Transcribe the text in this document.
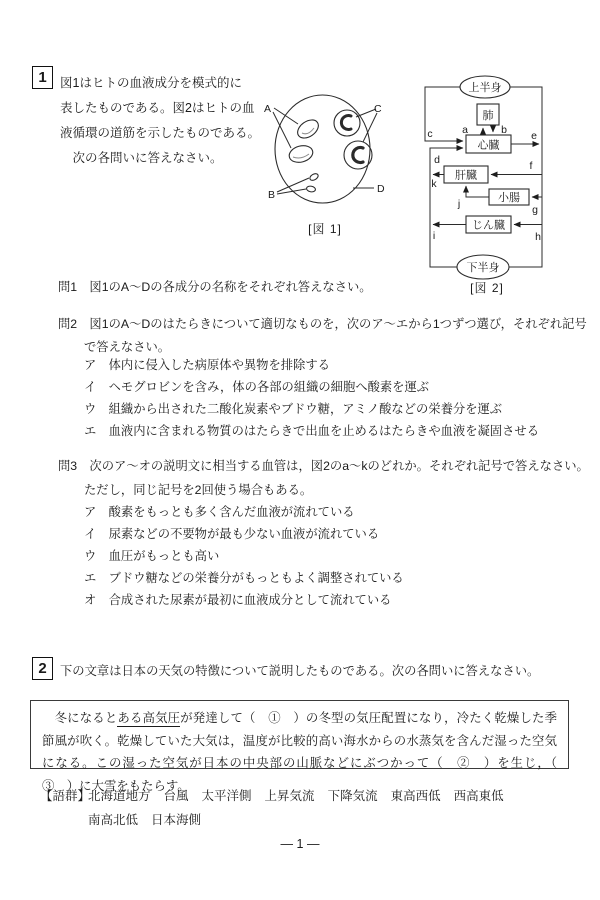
1	図1はヒトの血液成分を模式的に
表したものである。図2はヒトの血
液循環の道筋を示したものである。
　次の各問いに答えなさい。
A	C
B	D
[図 1]
上半身
肺
心臓
肝臓
小腸
じん臓
下半身
a	b
c
d
e
f
g
h
i
j
k
[図 2]
問1　図1のA～Dの各成分の名称をそれぞれ答えなさい。
問2　図1のA～Dのはたらきについて適切なものを，次のア～エから1つずつ選び，それぞれ記号
で答えなさい。
ア　体内に侵入した病原体や異物を排除する
イ　ヘモグロビンを含み，体の各部の組織の細胞へ酸素を運ぶ
ウ　組織から出された二酸化炭素やブドウ糖，アミノ酸などの栄養分を運ぶ
エ　血液内に含まれる物質のはたらきで出血を止めるはたらきや血液を凝固させる
問3　次のア～オの説明文に相当する血管は，図2のa～kのどれか。それぞれ記号で答えなさい。
ただし，同じ記号を2回使う場合もある。
ア　酸素をもっとも多く含んだ血液が流れている
イ　尿素などの不要物が最も少ない血液が流れている
ウ　血圧がもっとも高い
エ　ブドウ糖などの栄養分がもっともよく調整されている
オ　合成された尿素が最初に血液成分として流れている
2	下の文章は日本の天気の特徴について説明したものである。次の各問いに答えなさい。
　冬になるとある高気圧が発達して（　①　）の冬型の気圧配置になり，冷たく乾燥した季節風が吹く。乾燥していた大気は，温度が比較的高い海水からの水蒸気を含んだ湿った空気になる。この湿った空気が日本の中央部の山脈などにぶつかって（　②　）を生じ，（　③　）に大雪をもたらす。
【語群】
北海道地方 台風 太平洋側 上昇気流 下降気流 東高西低 西高東低
南高北低 日本海側
― 1 ―
